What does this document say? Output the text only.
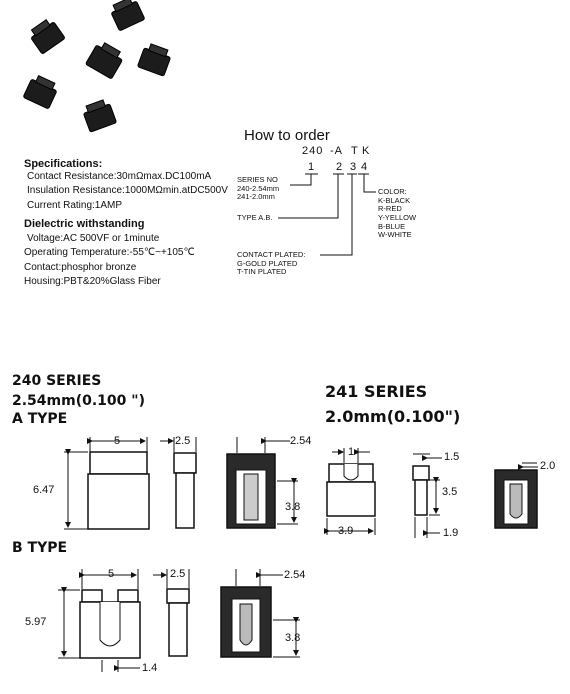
Specifications:
Contact Resistance:30mΩmax.DC100mA
Insulation Resistance:1000MΩmin.atDC500V
Current Rating:1AMP
Dielectric withstanding
Voltage:AC 500VF or 1minute
Operating Temperature:-55℃~+105℃
Contact:phosphor bronze
Housing:PBT&20%Glass Fiber
How to order
240 -A T K
1 2 3 4
SERIES NO
240-2.54mm
241-2.0mm
TYPE A.B.
CONTACT PLATED:
G-GOLD PLATED
T-TIN PLATED
COLOR:
K-BLACK
R-RED
Y-YELLOW
B-BLUE
W-WHITE
240 SERIES
2.54mm(0.100 ")
A TYPE
B TYPE
241 SERIES
2.0mm(0.100")
5	2.5	2.54
6.47
3.8
5	2.5	2.54
5.97
3.8
1.4
1	1.5
2.0
3.5
3.9	1.9
